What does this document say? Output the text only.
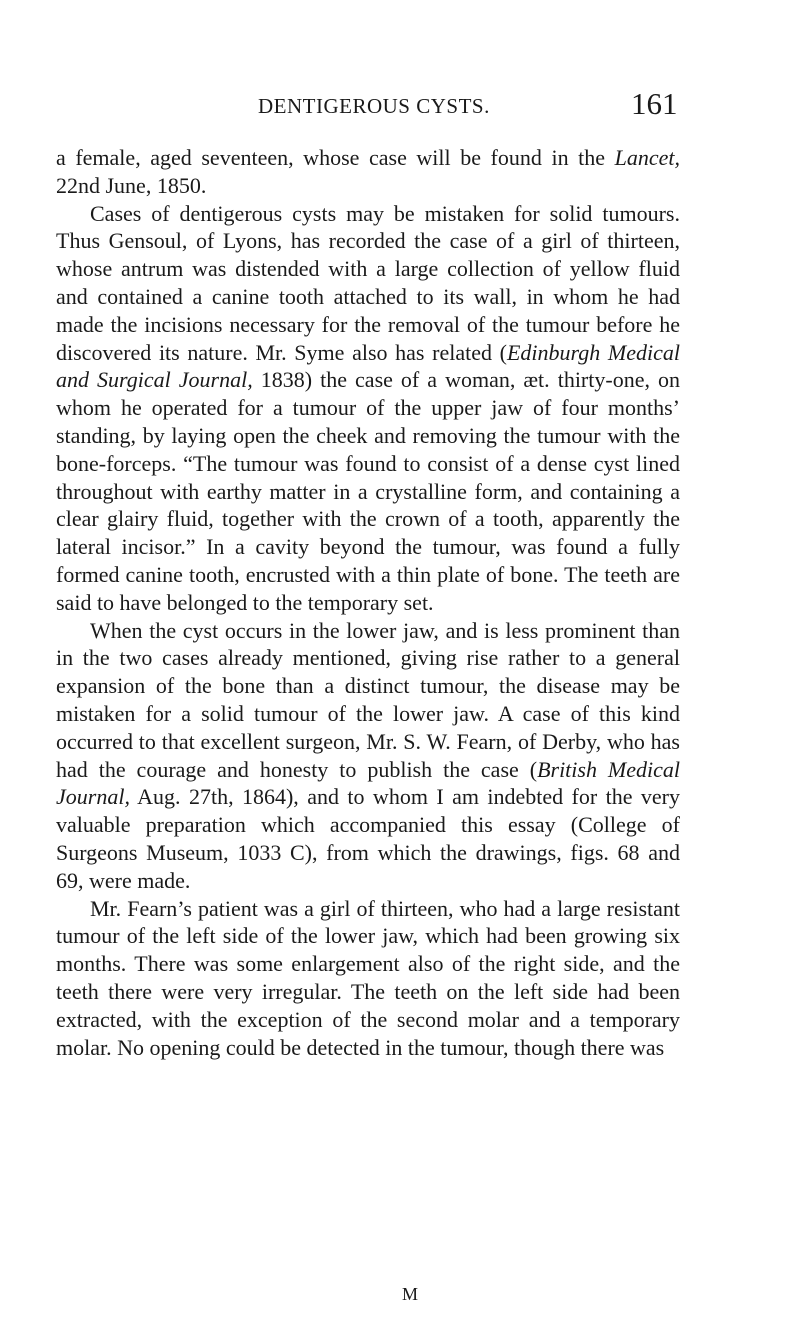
DENTIGEROUS CYSTS.	161

a female, aged seventeen, whose case will be found in the Lancet, 22nd June, 1850.

Cases of dentigerous cysts may be mistaken for solid tumours. Thus Gensoul, of Lyons, has recorded the case of a girl of thirteen, whose antrum was distended with a large collection of yellow fluid and contained a canine tooth attached to its wall, in whom he had made the incisions necessary for the removal of the tumour before he discovered its nature. Mr. Syme also has related (Edinburgh Medical and Surgical Journal, 1838) the case of a woman, æt. thirty-one, on whom he operated for a tumour of the upper jaw of four months’ standing, by laying open the cheek and removing the tumour with the bone-forceps. “The tumour was found to consist of a dense cyst lined throughout with earthy matter in a crystalline form, and containing a clear glairy fluid, together with the crown of a tooth, apparently the lateral incisor.” In a cavity beyond the tumour, was found a fully formed canine tooth, encrusted with a thin plate of bone. The teeth are said to have belonged to the temporary set.

When the cyst occurs in the lower jaw, and is less prominent than in the two cases already mentioned, giving rise rather to a general expansion of the bone than a distinct tumour, the disease may be mistaken for a solid tumour of the lower jaw. A case of this kind occurred to that excellent surgeon, Mr. S. W. Fearn, of Derby, who has had the courage and honesty to publish the case (British Medical Journal, Aug. 27th, 1864), and to whom I am indebted for the very valuable preparation which accompanied this essay (College of Surgeons Museum, 1033 C), from which the drawings, figs. 68 and 69, were made.

Mr. Fearn’s patient was a girl of thirteen, who had a large resistant tumour of the left side of the lower jaw, which had been growing six months. There was some enlargement also of the right side, and the teeth there were very irregular. The teeth on the left side had been extracted, with the exception of the second molar and a temporary molar. No opening could be detected in the tumour, though there was

M
